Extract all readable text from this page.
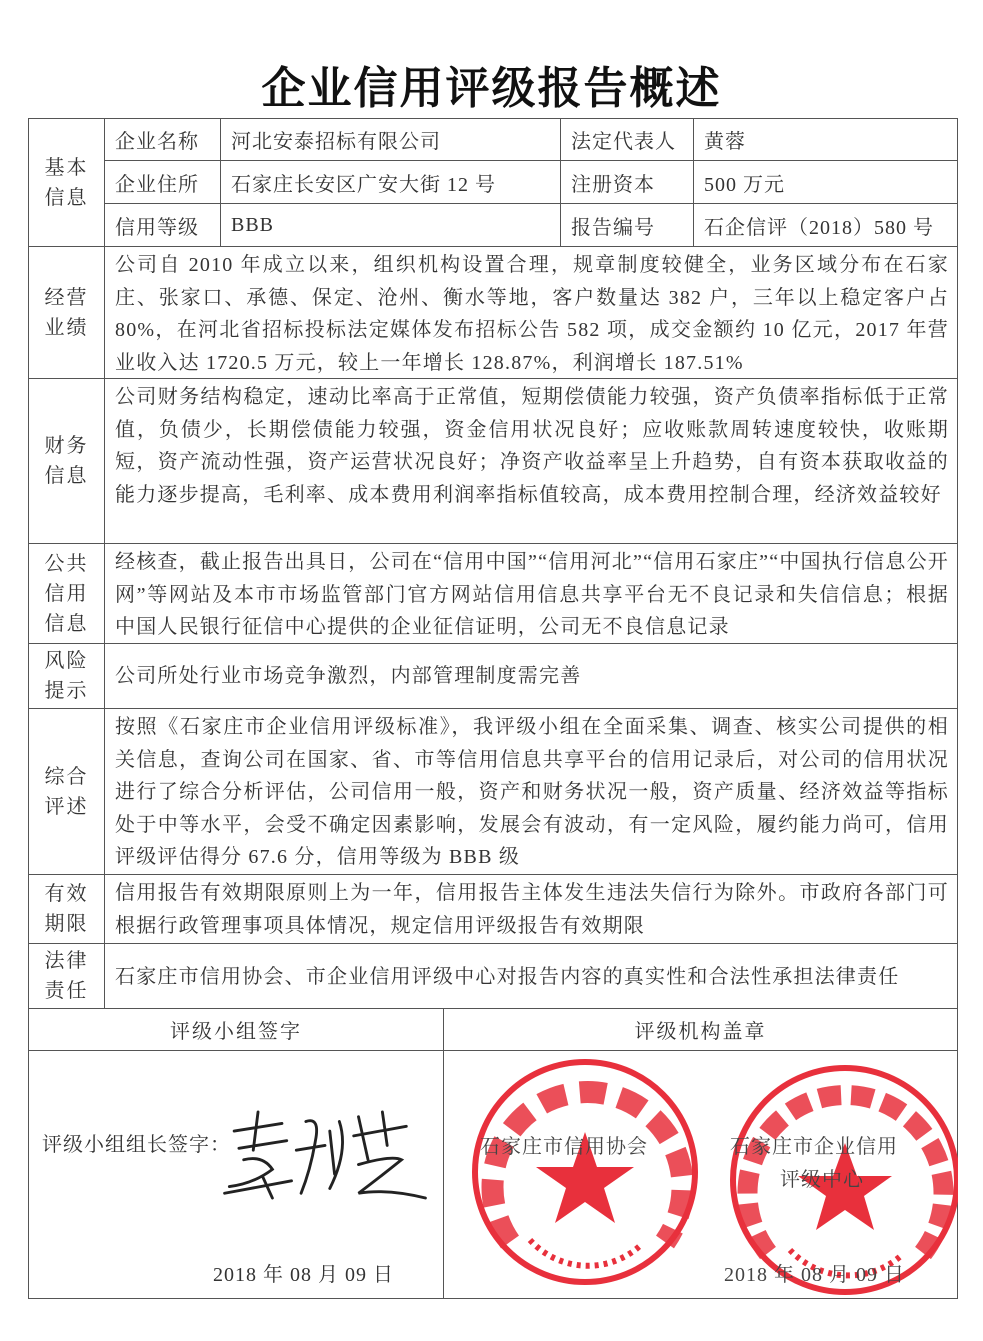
企业信用评级报告概述
基本信息
企业名称	河北安泰招标有限公司	法定代表人	黄蓉
企业住所	石家庄长安区广安大街 12 号	注册资本	500 万元
信用等级	BBB	报告编号	石企信评（2018）580 号
经营业绩
公司自 2010 年成立以来，组织机构设置合理，规章制度较健全，业务区域分布在石家庄、张家口、承德、保定、沧州、衡水等地，客户数量达 382 户，三年以上稳定客户占 80%，在河北省招标投标法定媒体发布招标公告 582 项，成交金额约 10 亿元，2017 年营业收入达 1720.5 万元，较上一年增长 128.87%，利润增长 187.51%
财务信息
公司财务结构稳定，速动比率高于正常值，短期偿债能力较强，资产负债率指标低于正常值，负债少，长期偿债能力较强，资金信用状况良好；应收账款周转速度较快，收账期短，资产流动性强，资产运营状况良好；净资产收益率呈上升趋势，自有资本获取收益的能力逐步提高，毛利率、成本费用利润率指标值较高，成本费用控制合理，经济效益较好
公共信用信息
经核查，截止报告出具日，公司在“信用中国”“信用河北”“信用石家庄”“中国执行信息公开网”等网站及本市市场监管部门官方网站信用信息共享平台无不良记录和失信信息；根据中国人民银行征信中心提供的企业征信证明，公司无不良信息记录
风险提示
公司所处行业市场竞争激烈，内部管理制度需完善
综合评述
按照《石家庄市企业信用评级标准》，我评级小组在全面采集、调查、核实公司提供的相关信息，查询公司在国家、省、市等信用信息共享平台的信用记录后，对公司的信用状况进行了综合分析评估，公司信用一般，资产和财务状况一般，资产质量、经济效益等指标处于中等水平，会受不确定因素影响，发展会有波动，有一定风险，履约能力尚可，信用评级评估得分 67.6 分，信用等级为 BBB 级
有效期限
信用报告有效期限原则上为一年，信用报告主体发生违法失信行为除外。市政府各部门可根据行政管理事项具体情况，规定信用评级报告有效期限
法律责任
石家庄市信用协会、市企业信用评级中心对报告内容的真实性和合法性承担法律责任
评级小组签字	评级机构盖章
评级小组组长签字：
2018 年 08 月 09 日
石家庄市信用协会	石家庄市企业信用
评级中心
2018 年 08 月 09 日
